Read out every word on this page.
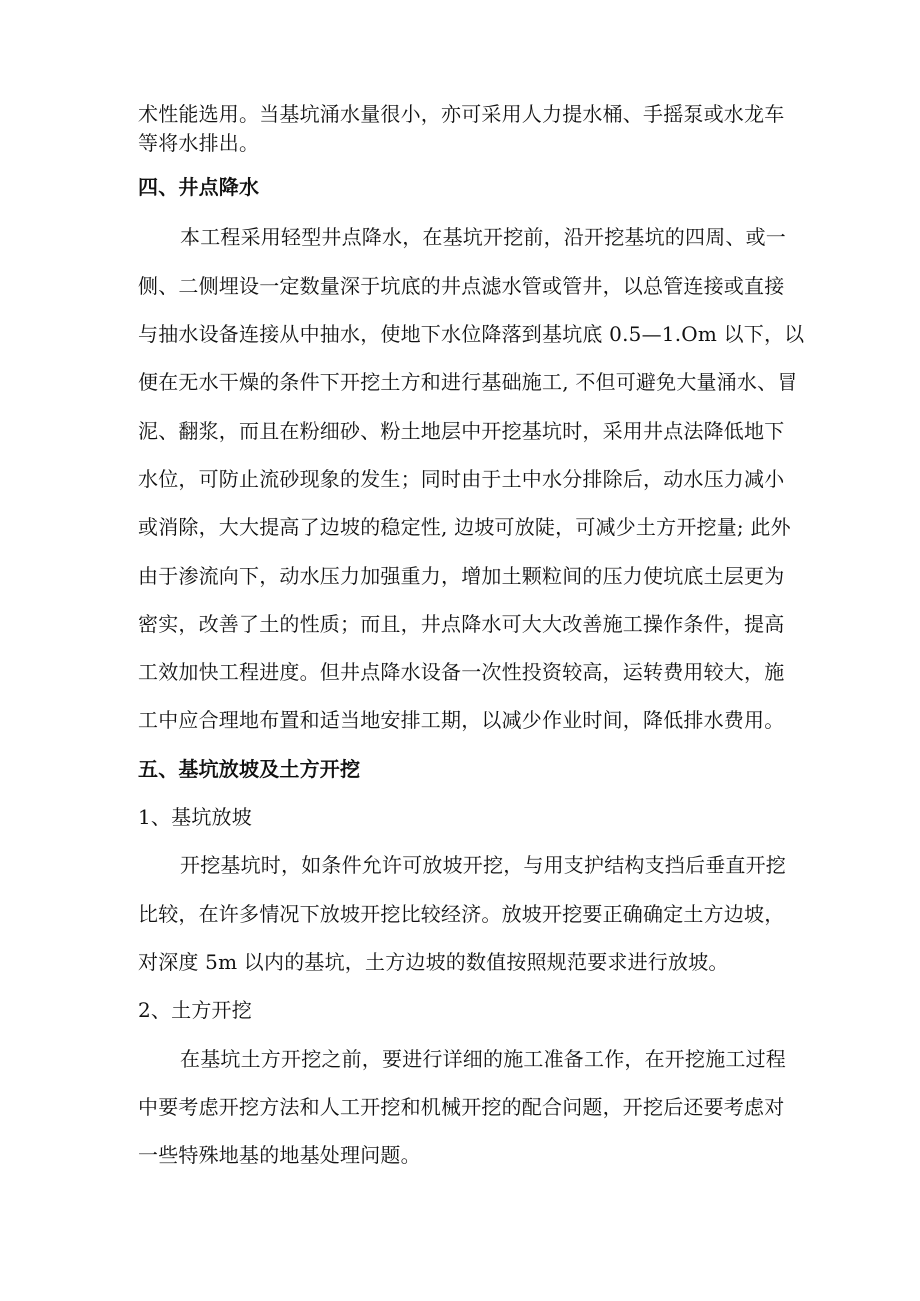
术性能选用。当基坑涌水量很小，亦可采用人力提水桶、手摇泵或水龙车
等将水排出。
四、井点降水
本工程采用轻型井点降水，在基坑开挖前，沿开挖基坑的四周、或一
侧、二侧埋设一定数量深于坑底的井点滤水管或管井，以总管连接或直接
与抽水设备连接从中抽水，使地下水位降落到基坑底 0.5—1.Om 以下，以
便在无水干燥的条件下开挖土方和进行基础施工, 不但可避免大量涌水、冒
泥、翻浆，而且在粉细砂、粉土地层中开挖基坑时，采用井点法降低地下
水位，可防止流砂现象的发生；同时由于土中水分排除后，动水压力减小
或消除，大大提高了边坡的稳定性, 边坡可放陡，可减少土方开挖量; 此外
由于渗流向下，动水压力加强重力，增加土颗粒间的压力使坑底土层更为
密实，改善了土的性质；而且，井点降水可大大改善施工操作条件，提高
工效加快工程进度。但井点降水设备一次性投资较高，运转费用较大，施
工中应合理地布置和适当地安排工期，以减少作业时间，降低排水费用。
五、基坑放坡及土方开挖
1、基坑放坡
开挖基坑时，如条件允许可放坡开挖，与用支护结构支挡后垂直开挖
比较，在许多情况下放坡开挖比较经济。放坡开挖要正确确定土方边坡，
对深度 5m 以内的基坑，土方边坡的数值按照规范要求进行放坡。
2、土方开挖
在基坑土方开挖之前，要进行详细的施工准备工作，在开挖施工过程
中要考虑开挖方法和人工开挖和机械开挖的配合问题，开挖后还要考虑对
一些特殊地基的地基处理问题。
